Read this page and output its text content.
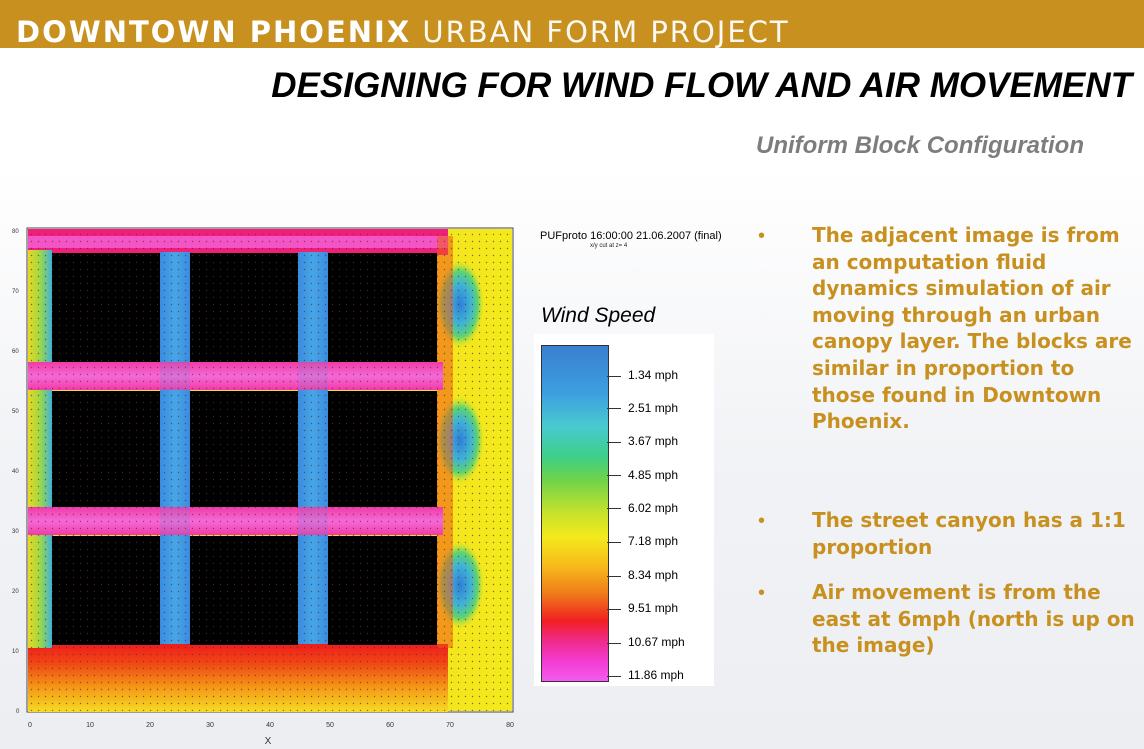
DOWNTOWN PHOENIX URBAN FORM PROJECT
DESIGNING FOR WIND FLOW AND AIR MOVEMENT
Uniform Block Configuration
0	10	20	30	40	50	60	70	80
X
0
10
20
30
40
50
60
70
80	PUFproto 16:00:00 21.06.2007 (final)
x/y cut at z= 4
Wind Speed
1.34 mph
2.51 mph
3.67 mph
4.85 mph
6.02 mph
7.18 mph
8.34 mph
9.51 mph
10.67 mph
11.86 mph
• The adjacent image is from an computation fluid dynamics simulation of air moving through an urban canopy layer. The blocks are similar in proportion to those found in Downtown Phoenix.
• The street canyon has a 1:1 proportion
• Air movement is from the east at 6mph (north is up on the image)
